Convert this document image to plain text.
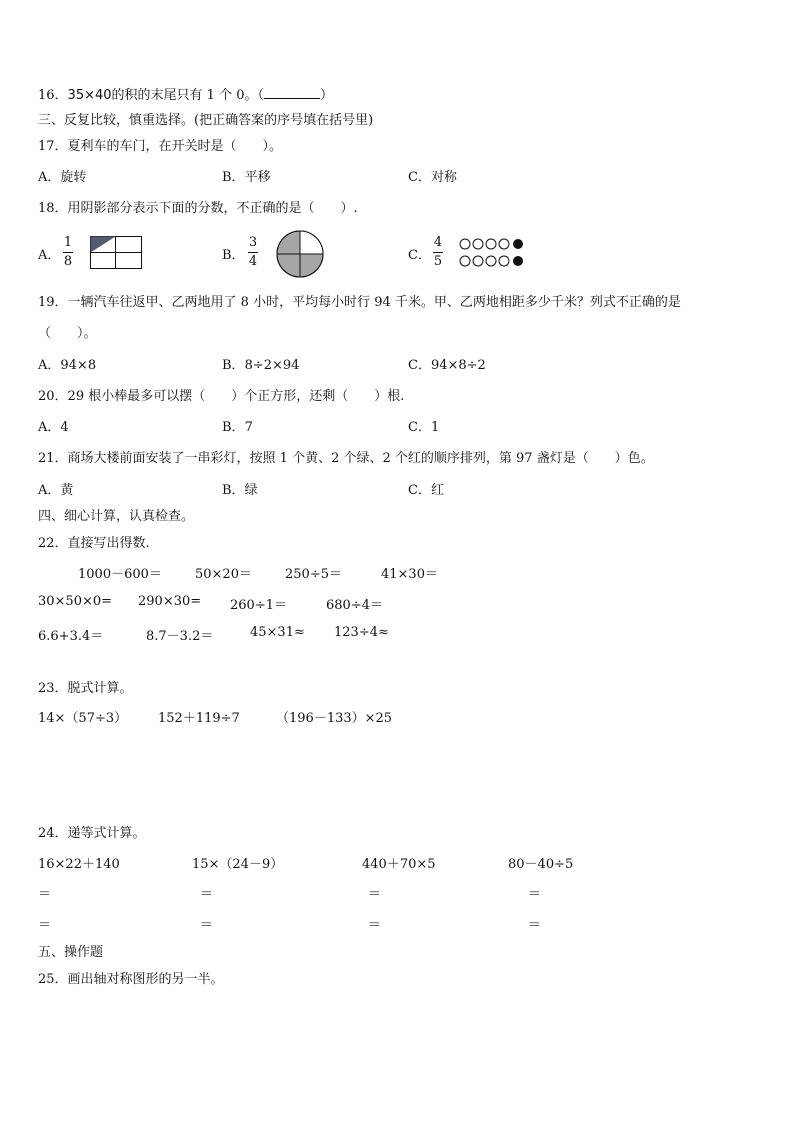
16．35×40的积的末尾只有 1 个 0。（	）
三、反复比较，慎重选择。(把正确答案的序号填在括号里)
17．夏利车的车门，在开关时是（　　）。
A．旋转	B．平移	C．对称
18．用阴影部分表示下面的分数，不正确的是（　　）.
A．
1
8	B．
3
4	C．
4
5
19．一辆汽车往返甲、乙两地用了 8 小时，平均每小时行 94 千米。甲、乙两地相距多少千米？列式不正确的是
（　　）。
A．94×8	B．8÷2×94	C．94×8÷2
20．29 根小棒最多可以摆（　　）个正方形，还剩（　　）根.
A．4	B．7	C．1
21．商场大楼前面安装了一串彩灯，按照 1 个黄、2 个绿、2 个红的顺序排列，第 97 盏灯是（　　）色。
A．黄	B．绿	C．红
四、细心计算，认真检查。
22．直接写出得数.
1000－600＝	50×20＝	250÷5＝	41×30＝
30×50×0= 290×30= 260÷1＝	680÷4＝
6.6+3.4＝	8.7－3.2＝	45×31≈ 123÷4≈
23．脱式计算。
14×（57÷3） 152＋119÷7	（196－133）×25
24．递等式计算。
16×22＋140	15×（24－9）	440＋70×5	80－40÷5
＝	＝	＝	＝
＝	＝	＝	＝
五、操作题
25．画出轴对称图形的另一半。
